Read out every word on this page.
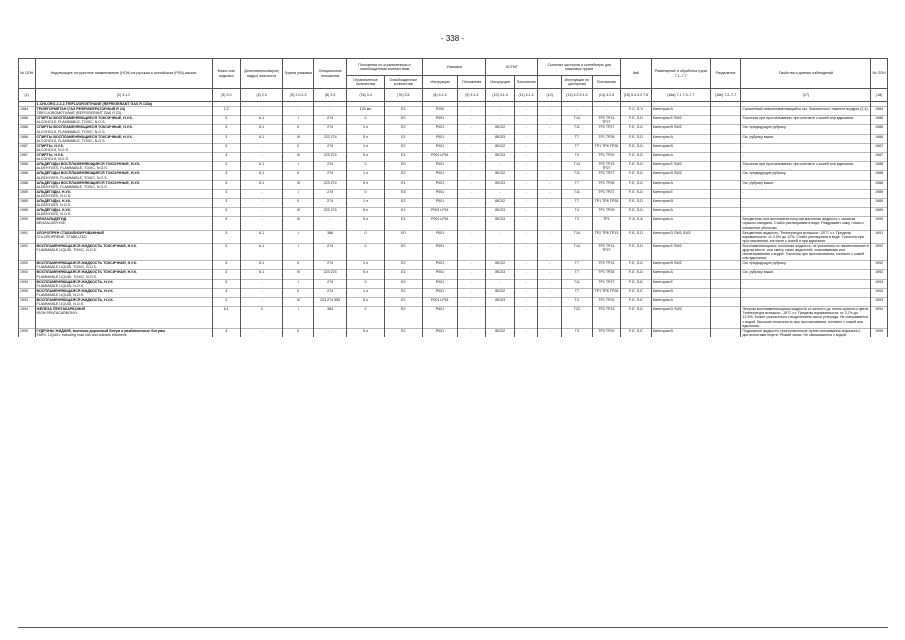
- 338 -
№ ООН	Надлежащее отгрузочное наименование (НОН) на русском и английском (PSN) языках	Класс или подкласс	Дополнительная(ые) вид(ы) опасности	Группа упаковки	Специальные положения	Положения по ограниченным и освобожденным количествам		Упаковка		КСГМГ		Съемные цистерны и контейнеры для массовых грузов			АвК	Размещение и обработка груза 7.1–7.7	Разделение	Свойства и данные наблюдений	№ ООН
						Ограниченные количества	Освобожденные количества	Инструкции	Положения	Инструкции	Положения		Инструкции по цистернам	Положения					
(1)	(2) 3.1.2	(3) 2.0	(4) 2.0	(5) 2.0.1.3	(6) 3.3	(7a) 3.4	(7b) 3.5	(8) 4.1.4	(9) 4.1.4	(10) 4.1.4	(11) 4.1.4	(12)	(13) 4.2.5 4.3	(14) 4.2.5	(15) 5.4.3.2 7.8	(16a) 7.1 7.3–7.7	(16b) 7.2–7.7	(17)	(18)

	1-CHLORO-2,2,2-TRIFLUOROETHANE (REFRIGERANT GAS R 133a)																		

1984	ТРИФТОРМЕТАН (ГАЗ РЕФРИЖЕРАТОРНЫЙ R 23)
TRIFLUOROMETHANE (REFRIGERANT GAS R 23)	2.2	-	-	-	120 мл	E1	P200	-	-	-	-	-	-	F-C, S-V	Категория A		Сжиженный невоспламеняющийся газ. Значительно тяжелее воздуха (2,4).	1984
1986	СПИРТЫ ВОСПЛАМЕНЯЮЩИЕСЯ ТОКСИЧНЫЕ, Н.У.К.
ALCOHOLS, FLAMMABLE, TOXIC, N.O.S.	3	6.1	I	274	0	E0	P001	-	-	-	-	T14	TP2 TP13 TP27	F-E, S-D	Категория E SW2		Токсичны при проглатывании, при контакте с кожей или вдыхании.	1986
1986	СПИРТЫ ВОСПЛАМЕНЯЮЩИЕСЯ ТОКСИЧНЫЕ, Н.У.К.
ALCOHOLS, FLAMMABLE, TOXIC, N.O.S.	3	6.1	II	274	1 л	E2	P001	-	IBC02	-	-	T11	TP2 TP27	F-E, S-D	Категория B SW2		См. предыдущую рубрику.	1986
1986	СПИРТЫ ВОСПЛАМЕНЯЮЩИЕСЯ ТОКСИЧНЫЕ, Н.У.К.
ALCOHOLS, FLAMMABLE, TOXIC, N.O.S.	3	6.1	III	223 274	5 л	E1	P001	-	IBC03	-	-	T7	TP1 TP28	F-E, S-D	Категория A		См. рубрику выше.	1986
1987	СПИРТЫ, Н.У.К.
ALCOHOLS, N.O.S.	3	-	II	274	1 л	E2	P001	-	IBC02	-	-	T7	TP1 TP8 TP28	F-E, S-D	Категория B		-	1987
1987	СПИРТЫ, Н.У.К.
ALCOHOLS, N.O.S.	3	-	III	223 274	5 л	E1	P001 LP01	-	IBC03	-	-	T4	TP1 TP29	F-E, S-D	Категория A		-	1987
1988	АЛЬДЕГИДЫ ВОСПЛАМЕНЯЮЩИЕСЯ ТОКСИЧНЫЕ, Н.У.К.
ALDEHYDES, FLAMMABLE, TOXIC, N.O.S.	3	6.1	I	274	0	E0	P001	-	-	-	-	T14	TP2 TP13 TP27	F-E, S-D	Категория E SW2		Токсичны при проглатывании, при контакте с кожей или вдыхании.	1988
1988	АЛЬДЕГИДЫ ВОСПЛАМЕНЯЮЩИЕСЯ ТОКСИЧНЫЕ, Н.У.К.
ALDEHYDES, FLAMMABLE, TOXIC, N.O.S.	3	6.1	II	274	1 л	E2	P001	-	IBC02	-	-	T11	TP2 TP27	F-E, S-D	Категория B SW2		См. предыдущую рубрику.	1988
1988	АЛЬДЕГИДЫ ВОСПЛАМЕНЯЮЩИЕСЯ ТОКСИЧНЫЕ, Н.У.К.
ALDEHYDES, FLAMMABLE, TOXIC, N.O.S.	3	6.1	III	223 274	5 л	E1	P001	-	IBC03	-	-	T7	TP1 TP28	F-E, S-D	Категория A		См. рубрику выше.	1988
1989	АЛЬДЕГИДЫ, Н.У.К.
ALDEHYDES, N.O.S.	3	-	I	274	0	E3	P001	-	-	-	-	T11	TP1 TP27	F-E, S-D	Категория E		-	1989
1989	АЛЬДЕГИДЫ, Н.У.К.
ALDEHYDES, N.O.S.	3	-	II	274	1 л	E2	P001	-	IBC02	-	-	T7	TP1 TP8 TP28	F-E, S-D	Категория B		-	1989
1989	АЛЬДЕГИДЫ, Н.У.К.
ALDEHYDES, N.O.S.	3	-	III	223 274	5 л	E1	P001 LP01	-	IBC03	-	-	T4	TP1 TP29	F-E, S-D	Категория A		-	1989
1990	БЕНЗАЛЬДЕГИД
BENZALDEHYDE	9	-	III	-	5 л	E1	P001 LP01	-	IBC03	-	-	T2	TP1	F-A, S-A	Категория A		Бесцветная или желтоватая пахучая масляная жидкость с запахом горького миндаля. Слабо растворимая в воде. Раздражает кожу, глаза и слизистые оболочки.	1990
1991	ХЛОРОПРЕН СТАБИЛИЗИРОВАННЫЙ
CHLOROPRENE, STABILIZED	3	6.1	I	386	0	E0	P001	-	-	-	-	T14	TP2 TP6 TP13	F-E, S-D	Категория D SW1 SW2		Бесцветная жидкость. Температура вспышки: -20°C з.т. Пределы взрываемости: от 2,5% до 12%. Слабо растворима в воде. Токсична при проглатывании, контакте с кожей и при вдыхании.	1991
1992	ВОСПЛАМЕНЯЮЩАЯСЯ ЖИДКОСТЬ ТОКСИЧНАЯ, Н.У.К.
FLAMMABLE LIQUID, TOXIC, N.O.S.	3	6.1	I	274	0	E0	P001	-	-	-	-	T14	TP2 TP13 TP27	F-E, S-D	Категория E SW2		Воспламеняющаяся токсичная жидкость, не указанная по наименованию в другом месте, или смесь таких жидкостей, смешиваемая или несмешиваемая с водой. Токсична при проглатывании, контакте с кожей или вдыхании.	1992
1992	ВОСПЛАМЕНЯЮЩАЯСЯ ЖИДКОСТЬ ТОКСИЧНАЯ, Н.У.К.
FLAMMABLE LIQUID, TOXIC, N.O.S.	3	6.1	II	274	1 л	E2	P001	-	IBC02	-	-	T7	TP2 TP13	F-E, S-D	Категория B SW2		См. предыдущую рубрику.	1992
1992	ВОСПЛАМЕНЯЮЩАЯСЯ ЖИДКОСТЬ ТОКСИЧНАЯ, Н.У.К.
FLAMMABLE LIQUID, TOXIC, N.O.S.	3	6.1	III	223 274	5 л	E1	P001	-	IBC03	-	-	T7	TP1 TP28	F-E, S-D	Категория A		См. рубрику выше.	1992
1993	ВОСПЛАМЕНЯЮЩАЯСЯ ЖИДКОСТЬ, Н.У.К.
FLAMMABLE LIQUID, N.O.S.	3	-	I	274	0	E3	P001	-	-	-	-	T11	TP1 TP27	F-E, S-E	Категория E		-	1993
1993	ВОСПЛАМЕНЯЮЩАЯСЯ ЖИДКОСТЬ, Н.У.К.
FLAMMABLE LIQUID, N.O.S.	3	-	II	274	1 л	E2	P001	-	IBC02	-	-	T7	TP1 TP8 TP28	F-E, S-E	Категория B		-	1993
1993	ВОСПЛАМЕНЯЮЩАЯСЯ ЖИДКОСТЬ, Н.У.К.
FLAMMABLE LIQUID, N.O.S.	3	-	III	223 274 955	5 л	E1	P001 LP01	-	IBC03	-	-	T4	TP1 TP29	F-E, S-E	Категория A		-	1993
1994	ЖЕЛЕЗА ПЕНТАКАРБОНИЛ
IRON PENTACARBONYL	6.1	3	I	354	0	E0	P601	-	-	-	-	T22	TP2 TP13	F-E, S-D	Категория D SW2		Летучая воспламеняющаяся жидкость от желтого до темно-красного цвета. Температура вспышки: -15°C з.т. Пределы взрываемости: от 3,7% до 12,5%. Может разлагаться с выделением окиси углерода. Не смешивается с водой. Высокая токсичность при проглатывании, контакте с кожей или вдыхании.	1994
1999	ГУДРОНЫ ЖИДКИЕ, включая дорожный битум и разбавленные битумы
TARS, LIQUID, including road oils and cutback bitumens	3	-	II	-	5 л	E2	P001	-	IBC02	-	-	T3	TP3 TP29	F-E, S-E	Категория B		Подвижные жидкости, приготовленные путем смешивания асфальта с дистиллятами нефти. Резкий запах. Не смешиваются с водой.	1999
